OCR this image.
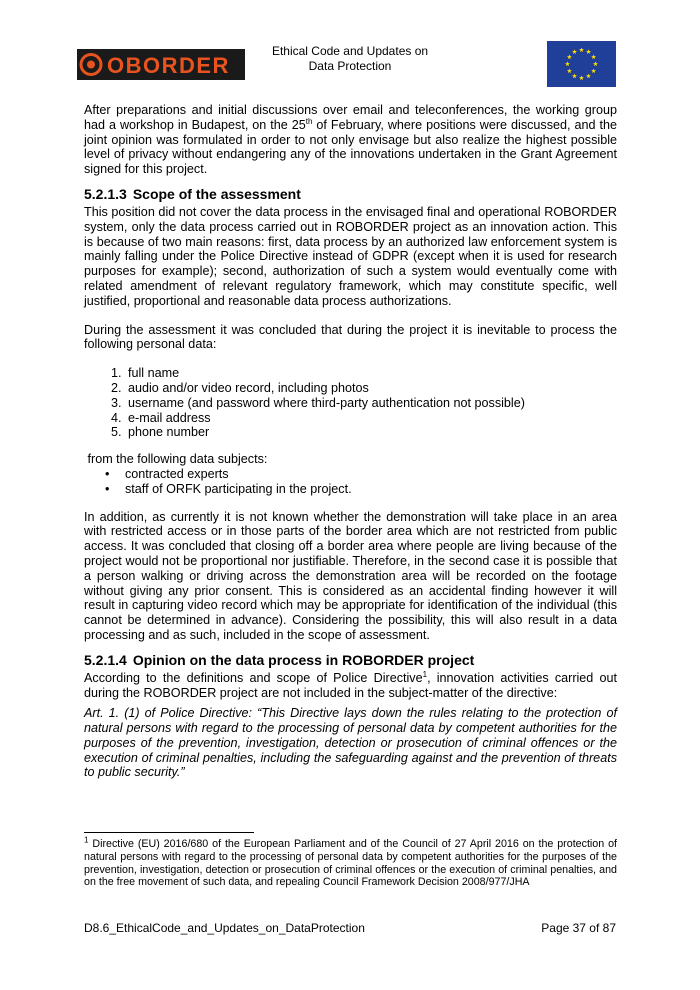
OBORDER
Ethical Code and Updates on
Data Protection

After preparations and initial discussions over email and teleconferences, the working group had a workshop in Budapest, on the 25th of February, where positions were discussed, and the joint opinion was formulated in order to not only envisage but also realize the highest possible level of privacy without endangering any of the innovations undertaken in the Grant Agreement signed for this project.

5.2.1.3 Scope of the assessment

This position did not cover the data process in the envisaged final and operational ROBORDER system, only the data process carried out in ROBORDER project as an innovation action. This is because of two main reasons: first, data process by an authorized law enforcement system is mainly falling under the Police Directive instead of GDPR (except when it is used for research purposes for example); second, authorization of such a system would eventually come with related amendment of relevant regulatory framework, which may constitute specific, well justified, proportional and reasonable data process authorizations.

During the assessment it was concluded that during the project it is inevitable to process the following personal data:

1. full name
2. audio and/or video record, including photos
3. username (and password where third-party authentication not possible)
4. e-mail address
5. phone number

from the following data subjects:

• contracted experts
• staff of ORFK participating in the project.

In addition, as currently it is not known whether the demonstration will take place in an area with restricted access or in those parts of the border area which are not restricted from public access. It was concluded that closing off a border area where people are living because of the project would not be proportional nor justifiable. Therefore, in the second case it is possible that a person walking or driving across the demonstration area will be recorded on the footage without giving any prior consent. This is considered as an accidental finding however it will result in capturing video record which may be appropriate for identification of the individual (this cannot be determined in advance). Considering the possibility, this will also result in a data processing and as such, included in the scope of assessment.

5.2.1.4 Opinion on the data process in ROBORDER project

According to the definitions and scope of Police Directive$^1$, innovation activities carried out during the ROBORDER project are not included in the subject-matter of the directive:

Art. 1. (1) of Police Directive: “This Directive lays down the rules relating to the protection of natural persons with regard to the processing of personal data by competent authorities for the purposes of the prevention, investigation, detection or prosecution of criminal offences or the execution of criminal penalties, including the safeguarding against and the prevention of threats to public security.”

$^1$ Directive (EU) 2016/680 of the European Parliament and of the Council of 27 April 2016 on the protection of natural persons with regard to the processing of personal data by competent authorities for the purposes of the prevention, investigation, detection or prosecution of criminal offences or the execution of criminal penalties, and on the free movement of such data, and repealing Council Framework Decision 2008/977/JHA
D8.6_EthicalCode_and_Updates_on_DataProtection	Page 37 of 87
